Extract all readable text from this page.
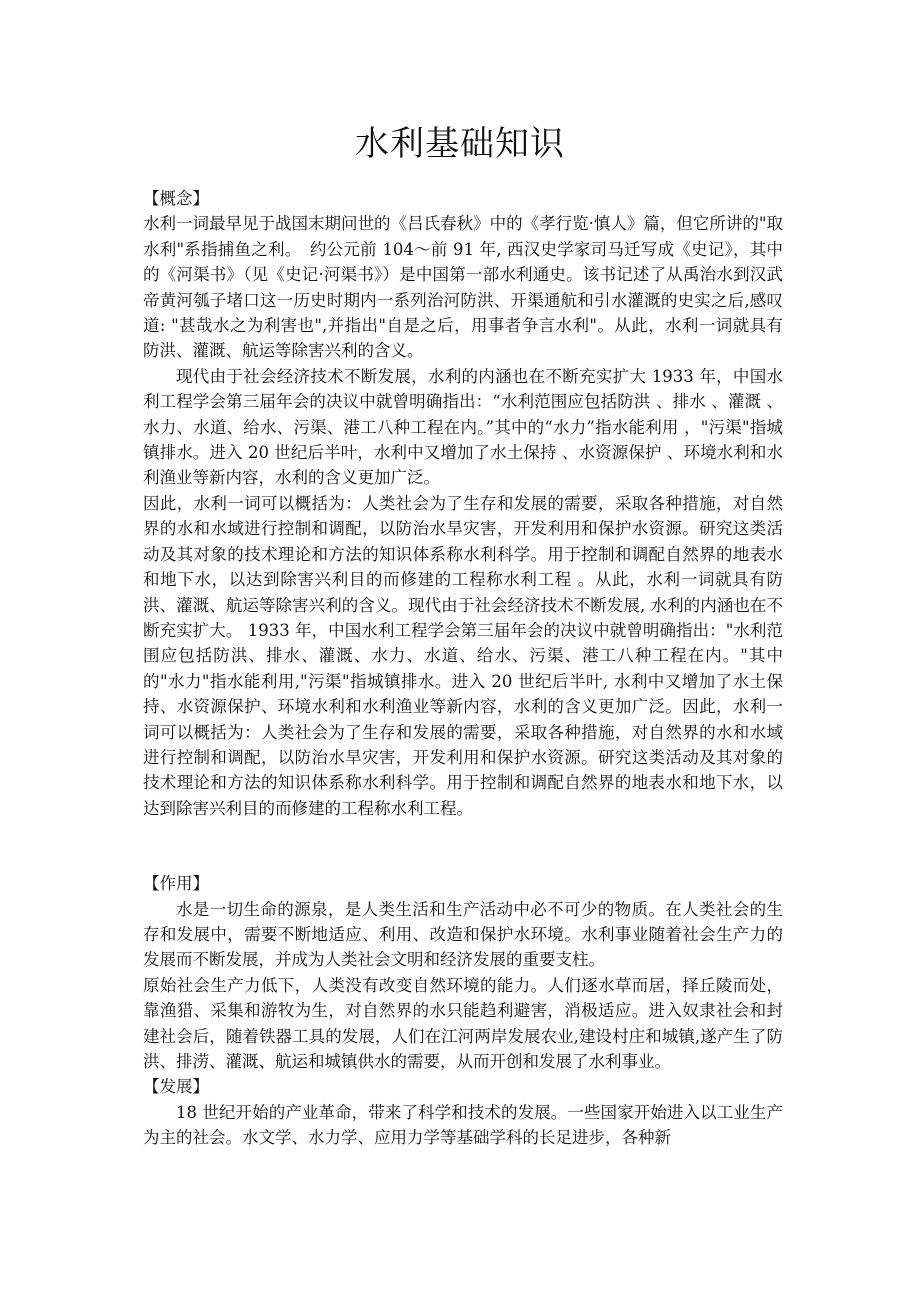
水利基础知识

【概念】

水利一词最早见于战国末期问世的《吕氏春秋》中的《孝行览·慎人》篇，但它所讲的"取水利"系指捕鱼之利。　约公元前 104～前 91 年, 西汉史学家司马迁写成《史记》，其中的《河渠书》（见《史记·河渠书》）是中国第一部水利通史。该书记述了从禹治水到汉武帝黄河瓠子堵口这一历史时期内一系列治河防洪、开渠通航和引水灌溉的史实之后,感叹道: "甚哉水之为利害也",并指出"自是之后，用事者争言水利"。从此，水利一词就具有防洪、灌溉、航运等除害兴利的含义。

现代由于社会经济技术不断发展，水利的内涵也在不断充实扩大 1933 年，中国水利工程学会第三届年会的决议中就曾明确指出：“水利范围应包括防洪 、排水 、灌溉 、水力、水道、给水、污渠、港工八种工程在内。”其中的“水力”指水能利用 ，"污渠"指城镇排水。进入 20 世纪后半叶，水利中又增加了水土保持 、水资源保护 、环境水利和水利渔业等新内容，水利的含义更加广泛。

因此，水利一词可以概括为：人类社会为了生存和发展的需要，采取各种措施，对自然界的水和水域进行控制和调配，以防治水旱灾害，开发利用和保护水资源。研究这类活动及其对象的技术理论和方法的知识体系称水利科学。用于控制和调配自然界的地表水和地下水，以达到除害兴利目的而修建的工程称水利工程 。从此，水利一词就具有防洪、灌溉、航运等除害兴利的含义。现代由于社会经济技术不断发展, 水利的内涵也在不断充实扩大。 1933 年，中国水利工程学会第三届年会的决议中就曾明确指出："水利范围应包括防洪、排水、灌溉、水力、水道、给水、污渠、港工八种工程在内。"其中的"水力"指水能利用,"污渠"指城镇排水。进入 20 世纪后半叶, 水利中又增加了水土保持、水资源保护、环境水利和水利渔业等新内容，水利的含义更加广泛。因此，水利一词可以概括为：人类社会为了生存和发展的需要，采取各种措施，对自然界的水和水域进行控制和调配，以防治水旱灾害，开发利用和保护水资源。研究这类活动及其对象的技术理论和方法的知识体系称水利科学。用于控制和调配自然界的地表水和地下水，以达到除害兴利目的而修建的工程称水利工程。

【作用】

水是一切生命的源泉，是人类生活和生产活动中必不可少的物质。在人类社会的生存和发展中，需要不断地适应、利用、改造和保护水环境。水利事业随着社会生产力的发展而不断发展，并成为人类社会文明和经济发展的重要支柱。

原始社会生产力低下，人类没有改变自然环境的能力。人们逐水草而居，择丘陵而处，靠渔猎、采集和游牧为生，对自然界的水只能趋利避害，消极适应。进入奴隶社会和封建社会后，随着铁器工具的发展，人们在江河两岸发展农业,建设村庄和城镇,遂产生了防洪、排涝、灌溉、航运和城镇供水的需要，从而开创和发展了水利事业。

【发展】

18 世纪开始的产业革命，带来了科学和技术的发展。一些国家开始进入以工业生产为主的社会。水文学、水力学、应用力学等基础学科的长足进步，各种新
